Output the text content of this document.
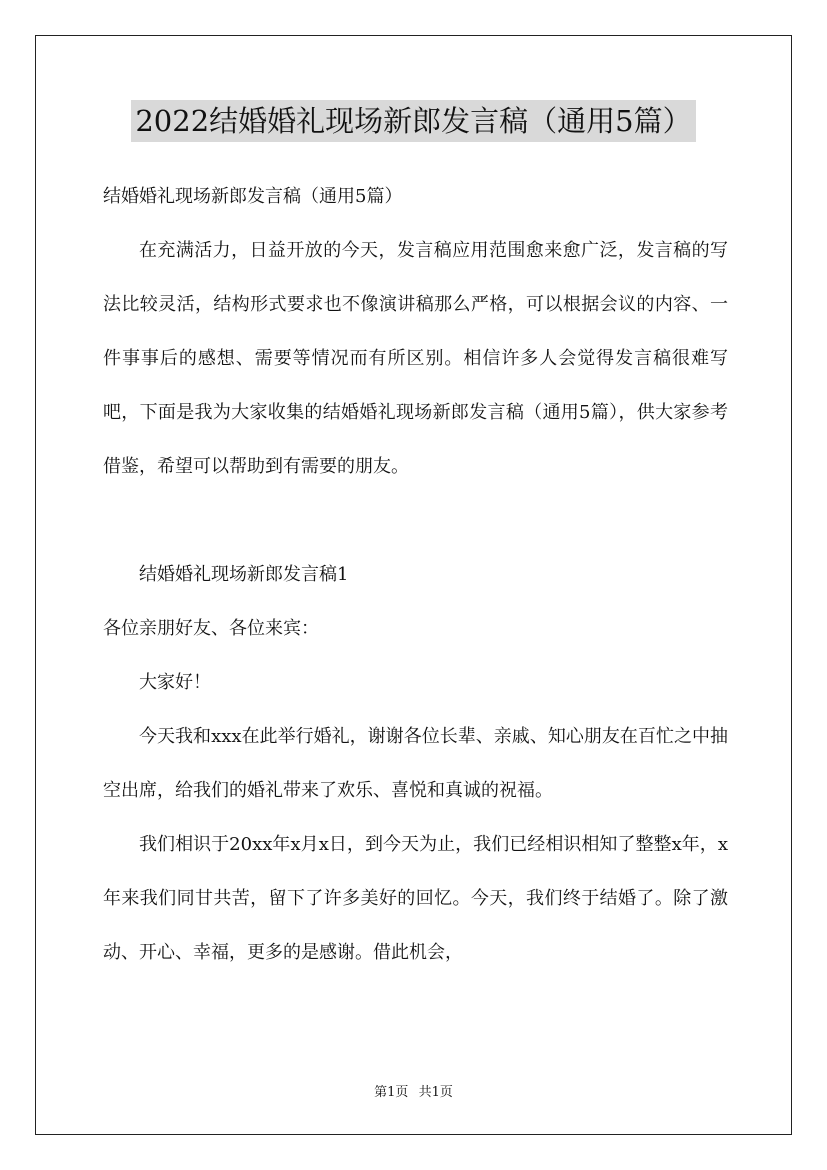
2022结婚婚礼现场新郎发言稿（通用5篇）

结婚婚礼现场新郎发言稿（通用5篇）

在充满活力，日益开放的今天，发言稿应用范围愈来愈广泛，发言稿的写法比较灵活，结构形式要求也不像演讲稿那么严格，可以根据会议的内容、一件事事后的感想、需要等情况而有所区别。相信许多人会觉得发言稿很难写吧，下面是我为大家收集的结婚婚礼现场新郎发言稿（通用5篇），供大家参考借鉴，希望可以帮助到有需要的朋友。

结婚婚礼现场新郎发言稿1

各位亲朋好友、各位来宾：

大家好！

今天我和xxx在此举行婚礼，谢谢各位长辈、亲戚、知心朋友在百忙之中抽空出席，给我们的婚礼带来了欢乐、喜悦和真诚的祝福。

我们相识于20xx年x月x日，到今天为止，我们已经相识相知了整整x年，x年来我们同甘共苦，留下了许多美好的回忆。今天，我们终于结婚了。除了激动、开心、幸福，更多的是感谢。借此机会，

第1页 共1页
